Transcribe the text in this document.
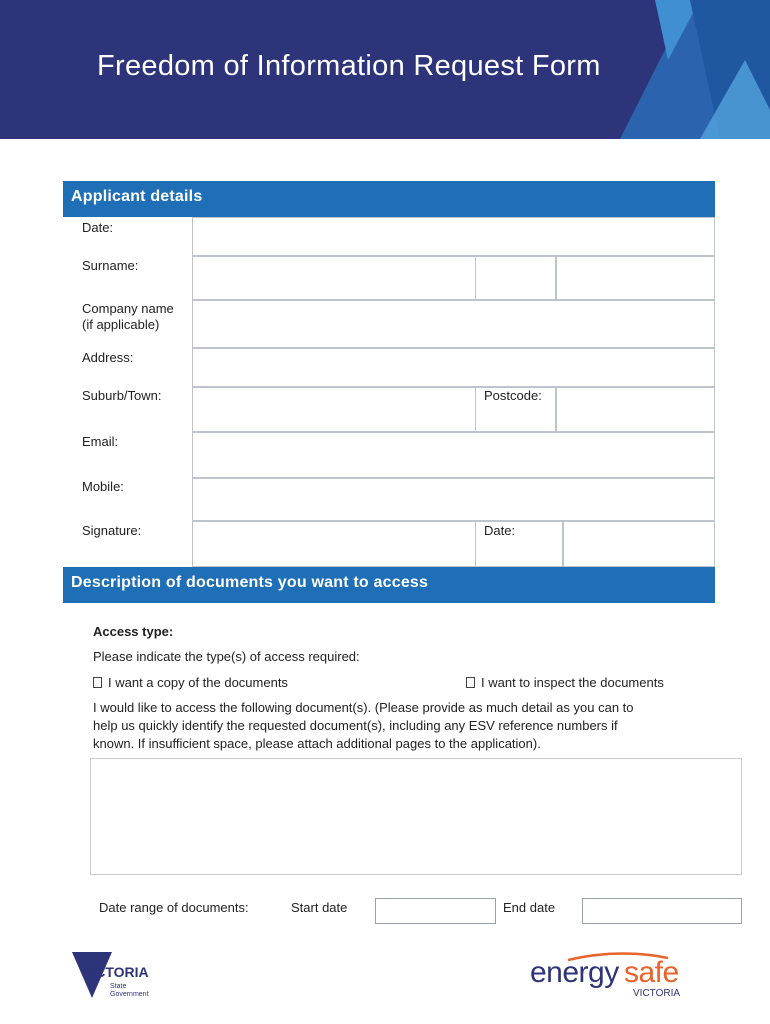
Freedom of Information Request Form
Applicant details
Date:
Surname:
Company name
(if applicable)
Address:
Suburb/Town:	Postcode:
Email:
Mobile:
Signature:	Date:
Description of documents you want to access
Access type:
Please indicate the type(s) of access required:
I want a copy of the documents	I want to inspect the documents
I would like to access the following document(s). (Please provide as much detail as you can to
help us quickly identify the requested document(s), including any ESV reference numbers if
known. If insufficient space, please attach additional pages to the application).
Date range of documents:	Start date	End date
VICTORIA
State
Government
energy safe
VICTORIA
